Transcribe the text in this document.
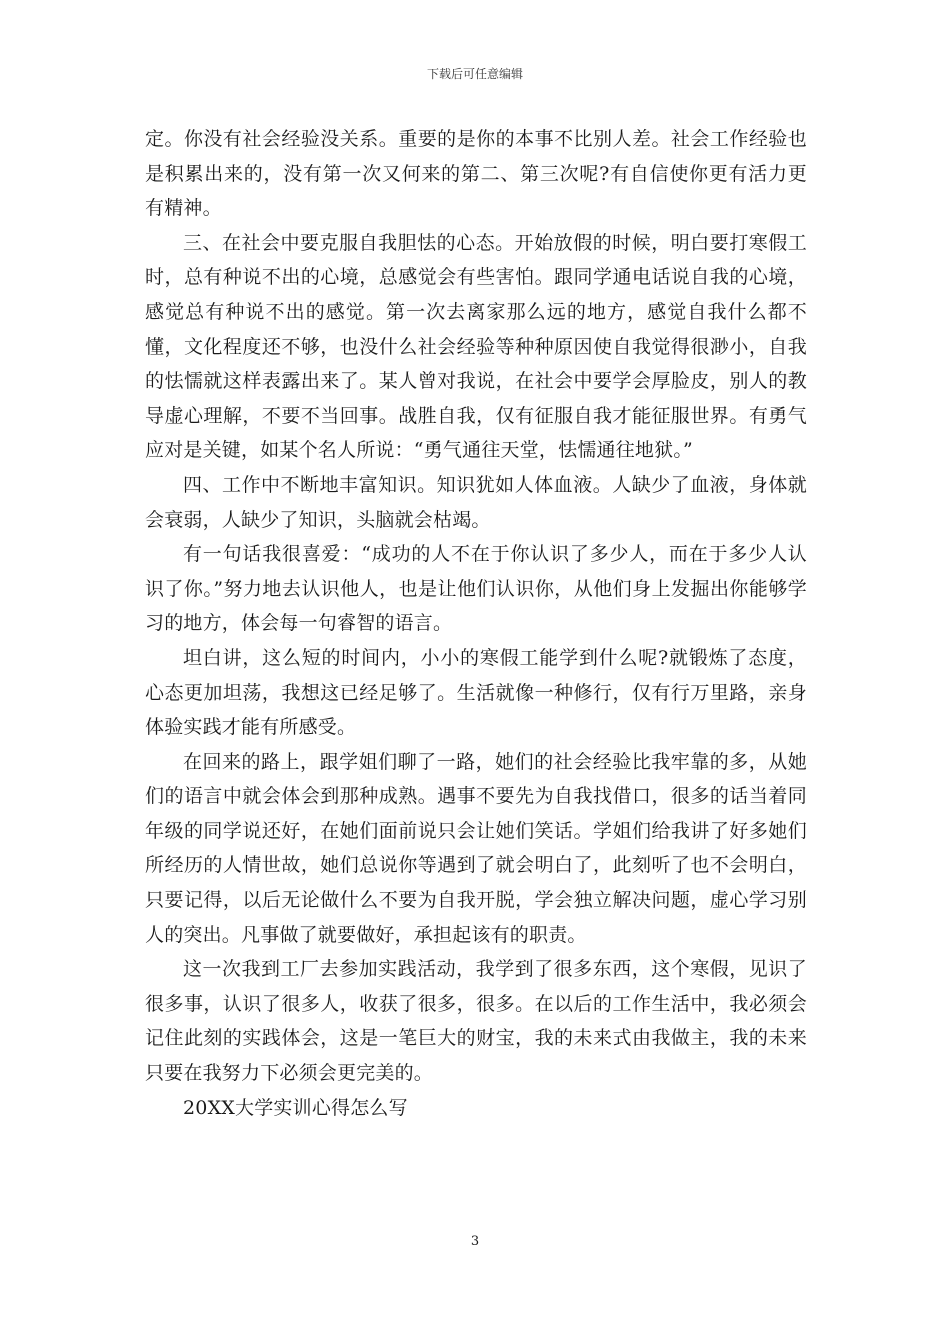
下载后可任意编辑

定。你没有社会经验没关系。重要的是你的本事不比别人差。社会工作经验也是积累出来的，没有第一次又何来的第二、第三次呢?有自信使你更有活力更有精神。

三、在社会中要克服自我胆怯的心态。开始放假的时候，明白要打寒假工时，总有种说不出的心境，总感觉会有些害怕。跟同学通电话说自我的心境，感觉总有种说不出的感觉。第一次去离家那么远的地方，感觉自我什么都不懂，文化程度还不够，也没什么社会经验等种种原因使自我觉得很渺小，自我的怯懦就这样表露出来了。某人曾对我说，在社会中要学会厚脸皮，别人的教导虚心理解，不要不当回事。战胜自我，仅有征服自我才能征服世界。有勇气应对是关键，如某个名人所说：“勇气通往天堂，怯懦通往地狱。”

四、工作中不断地丰富知识。知识犹如人体血液。人缺少了血液，身体就会衰弱，人缺少了知识，头脑就会枯竭。

有一句话我很喜爱：“成功的人不在于你认识了多少人，而在于多少人认识了你。”努力地去认识他人，也是让他们认识你，从他们身上发掘出你能够学习的地方，体会每一句睿智的语言。

坦白讲，这么短的时间内，小小的寒假工能学到什么呢?就锻炼了态度，心态更加坦荡，我想这已经足够了。生活就像一种修行，仅有行万里路，亲身体验实践才能有所感受。

在回来的路上，跟学姐们聊了一路，她们的社会经验比我牢靠的多，从她们的语言中就会体会到那种成熟。遇事不要先为自我找借口，很多的话当着同年级的同学说还好，在她们面前说只会让她们笑话。学姐们给我讲了好多她们所经历的人情世故，她们总说你等遇到了就会明白了，此刻听了也不会明白，只要记得，以后无论做什么不要为自我开脱，学会独立解决问题，虚心学习别人的突出。凡事做了就要做好，承担起该有的职责。

这一次我到工厂去参加实践活动，我学到了很多东西，这个寒假，见识了很多事，认识了很多人，收获了很多，很多。在以后的工作生活中，我必须会记住此刻的实践体会，这是一笔巨大的财宝，我的未来式由我做主，我的未来只要在我努力下必须会更完美的。

20XX大学实训心得怎么写

3
